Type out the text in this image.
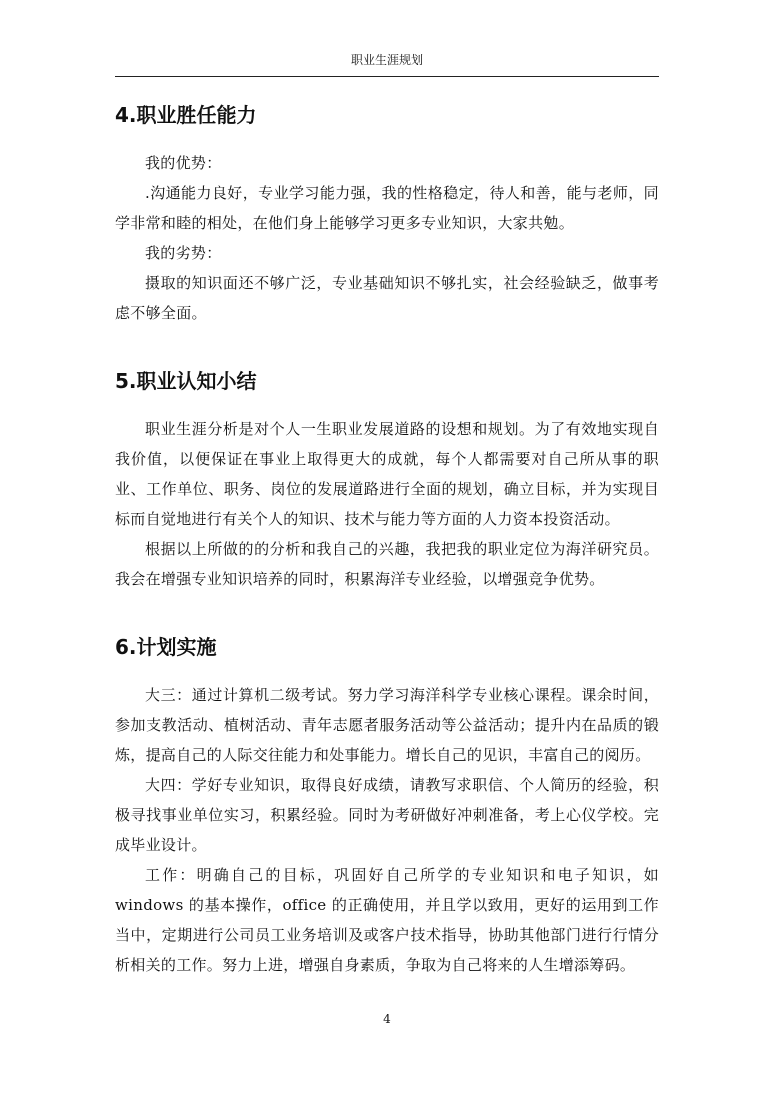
职业生涯规划
4.职业胜任能力

我的优势：

.沟通能力良好，专业学习能力强，我的性格稳定，待人和善，能与老师，同学非常和睦的相处，在他们身上能够学习更多专业知识，大家共勉。

我的劣势：

摄取的知识面还不够广泛，专业基础知识不够扎实，社会经验缺乏，做事考虑不够全面。

5.职业认知小结

职业生涯分析是对个人一生职业发展道路的设想和规划。为了有效地实现自我价值，以便保证在事业上取得更大的成就，每个人都需要对自己所从事的职业、工作单位、职务、岗位的发展道路进行全面的规划，确立目标，并为实现目标而自觉地进行有关个人的知识、技术与能力等方面的人力资本投资活动。

根据以上所做的的分析和我自己的兴趣，我把我的职业定位为海洋研究员。我会在增强专业知识培养的同时，积累海洋专业经验，以增强竞争优势。

6.计划实施

大三：通过计算机二级考试。努力学习海洋科学专业核心课程。课余时间，参加支教活动、植树活动、青年志愿者服务活动等公益活动；提升内在品质的锻炼，提高自己的人际交往能力和处事能力。增长自己的见识，丰富自己的阅历。

大四：学好专业知识，取得良好成绩，请教写求职信、个人简历的经验，积极寻找事业单位实习，积累经验。同时为考研做好冲刺准备，考上心仪学校。完成毕业设计。

工作：明确自己的目标，巩固好自己所学的专业知识和电子知识，如 windows 的基本操作，office 的正确使用，并且学以致用，更好的运用到工作当中，定期进行公司员工业务培训及或客户技术指导，协助其他部门进行行情分析相关的工作。努力上进，增强自身素质，争取为自己将来的人生增添筹码。

4
